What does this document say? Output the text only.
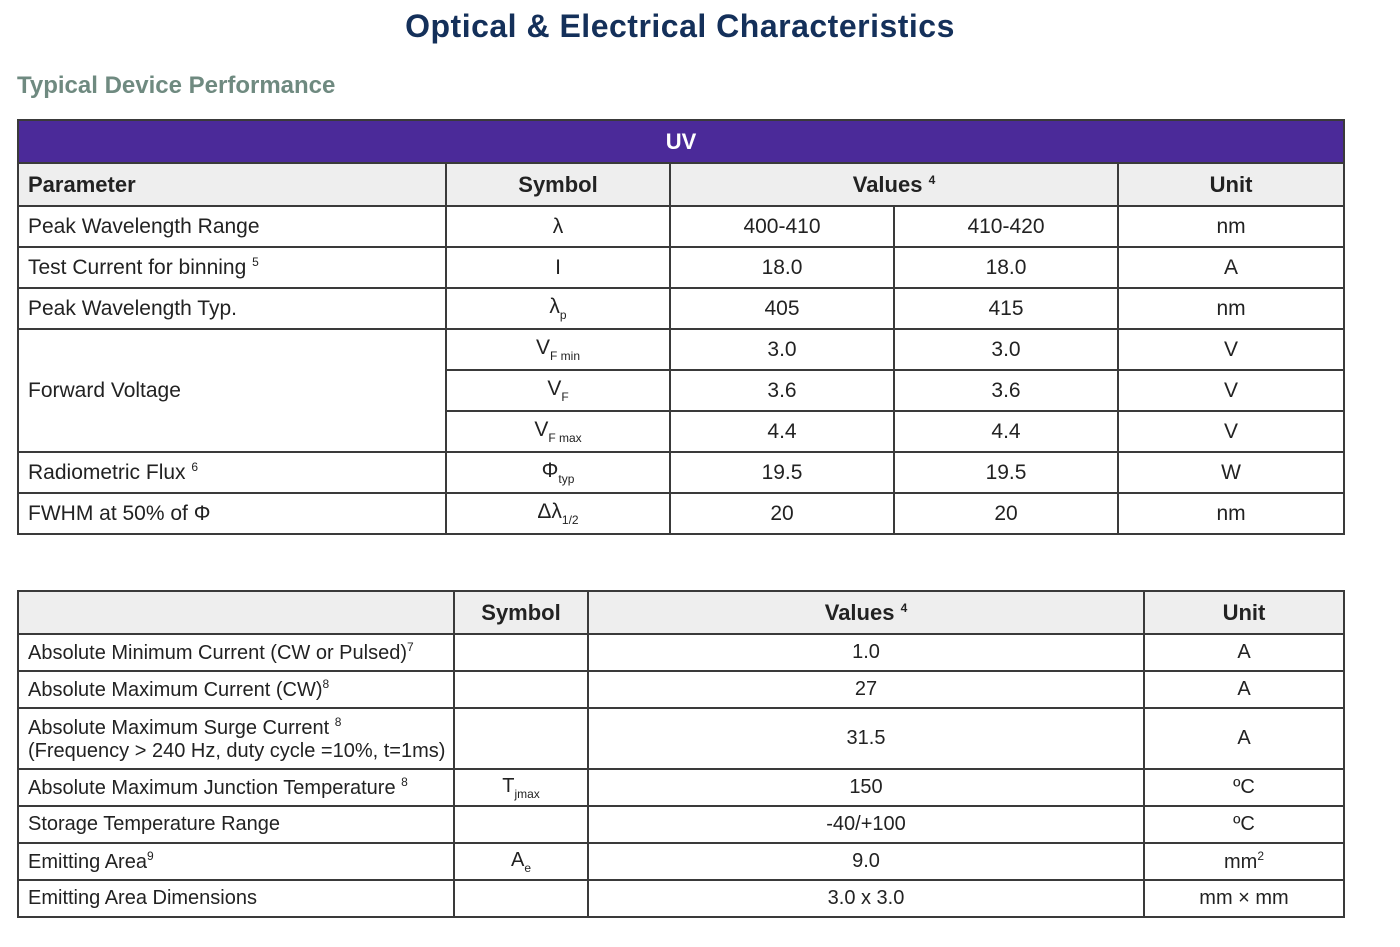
Optical & Electrical Characteristics
Typical Device Performance
UV				
Parameter	Symbol	Values $^4$		Unit
Peak Wavelength Range	λ	400-410	410-420	nm
Test Current for binning $^5$	I	18.0	18.0	A
Peak Wavelength Typ.	$\lambda_p$	405	415	nm
Forward Voltage	$V_{F min}$	3.0	3.0	V
	$V_F$	3.6	3.6	V
	$V_{F max}$	4.4	4.4	V
Radiometric Flux $^6$	$\Phi_{typ}$	19.5	19.5	W
FWHM at 50% of Φ	$\Delta\lambda_{1/2}$	20	20	nm
	Symbol	Values $^4$	Unit
Absolute Minimum Current (CW or Pulsed)$^7$		1.0	A
Absolute Maximum Current (CW)$^8$		27	A
Absolute Maximum Surge Current $^8$
(Frequency > 240 Hz, duty cycle =10%, t=1ms)		31.5	A
Absolute Maximum Junction Temperature $^8$	$T_{jmax}$	150	ºC
Storage Temperature Range		-40/+100	ºC
Emitting Area$^9$	$A_e$	9.0	$mm^2$
Emitting Area Dimensions		3.0 x 3.0	mm × mm
